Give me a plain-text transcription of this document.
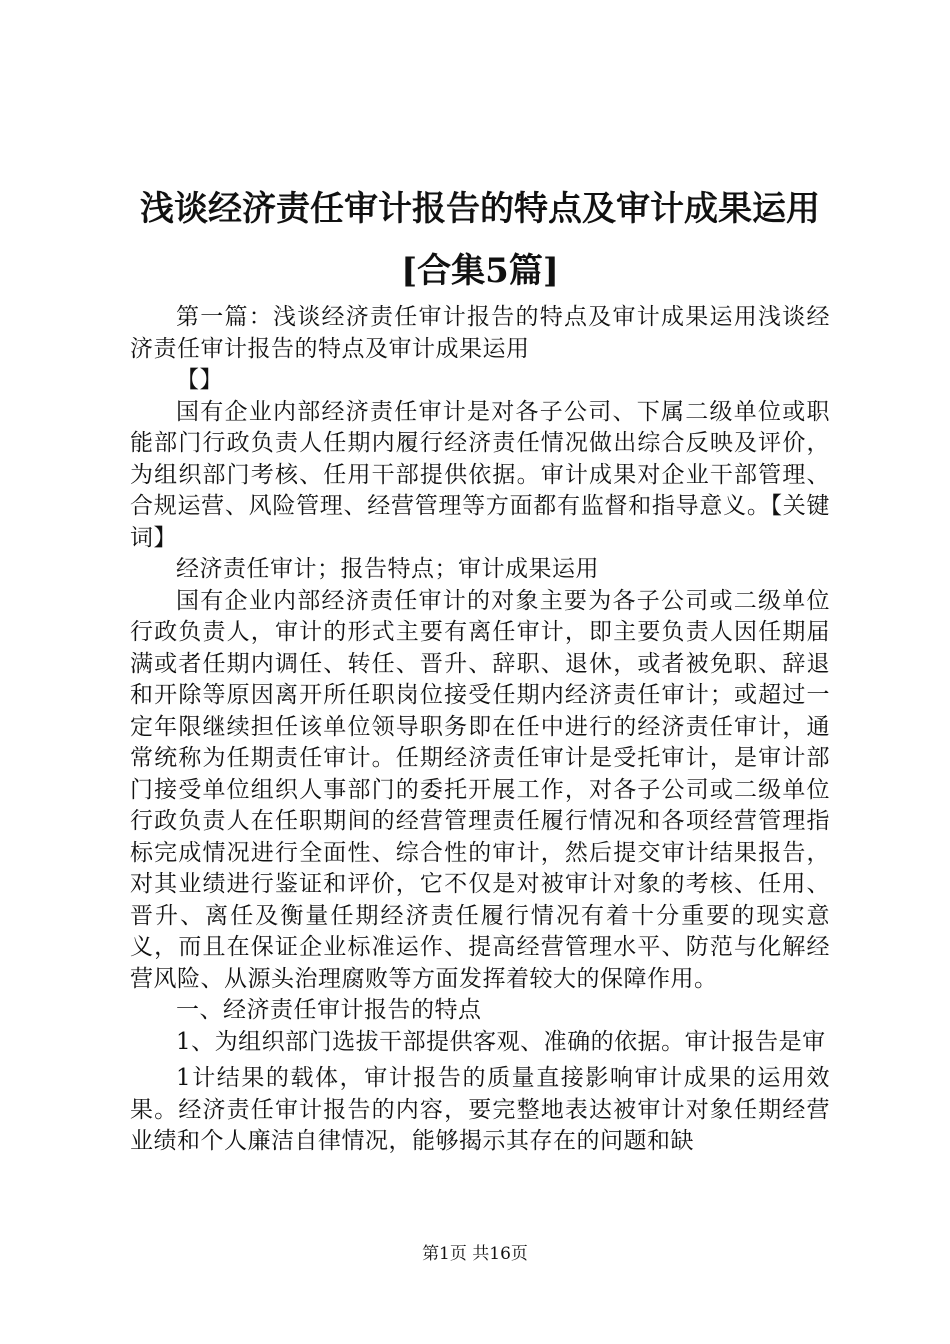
浅谈经济责任审计报告的特点及审计成果运用
[合集5篇]

第一篇：浅谈经济责任审计报告的特点及审计成果运用浅谈经济责任审计报告的特点及审计成果运用

【】

国有企业内部经济责任审计是对各子公司、下属二级单位或职能部门行政负责人任期内履行经济责任情况做出综合反映及评价，为组织部门考核、任用干部提供依据。审计成果对企业干部管理、合规运营、风险管理、经营管理等方面都有监督和指导意义。【关键词】

经济责任审计；报告特点；审计成果运用

国有企业内部经济责任审计的对象主要为各子公司或二级单位行政负责人，审计的形式主要有离任审计，即主要负责人因任期届满或者任期内调任、转任、晋升、辞职、退休，或者被免职、辞退和开除等原因离开所任职岗位接受任期内经济责任审计；或超过一定年限继续担任该单位领导职务即在任中进行的经济责任审计，通常统称为任期责任审计。任期经济责任审计是受托审计，是审计部门接受单位组织人事部门的委托开展工作，对各子公司或二级单位行政负责人在任职期间的经营管理责任履行情况和各项经营管理指标完成情况进行全面性、综合性的审计，然后提交审计结果报告，对其业绩进行鉴证和评价，它不仅是对被审计对象的考核、任用、晋升、离任及衡量任期经济责任履行情况有着十分重要的现实意义，而且在保证企业标准运作、提高经营管理水平、防范与化解经营风险、从源头治理腐败等方面发挥着较大的保障作用。

一、经济责任审计报告的特点

1、为组织部门选拔干部提供客观、准确的依据。审计报告是审

1计结果的载体，审计报告的质量直接影响审计成果的运用效果。经济责任审计报告的内容，要完整地表达被审计对象任期经营业绩和个人廉洁自律情况，能够揭示其存在的问题和缺

第1页 共16页
